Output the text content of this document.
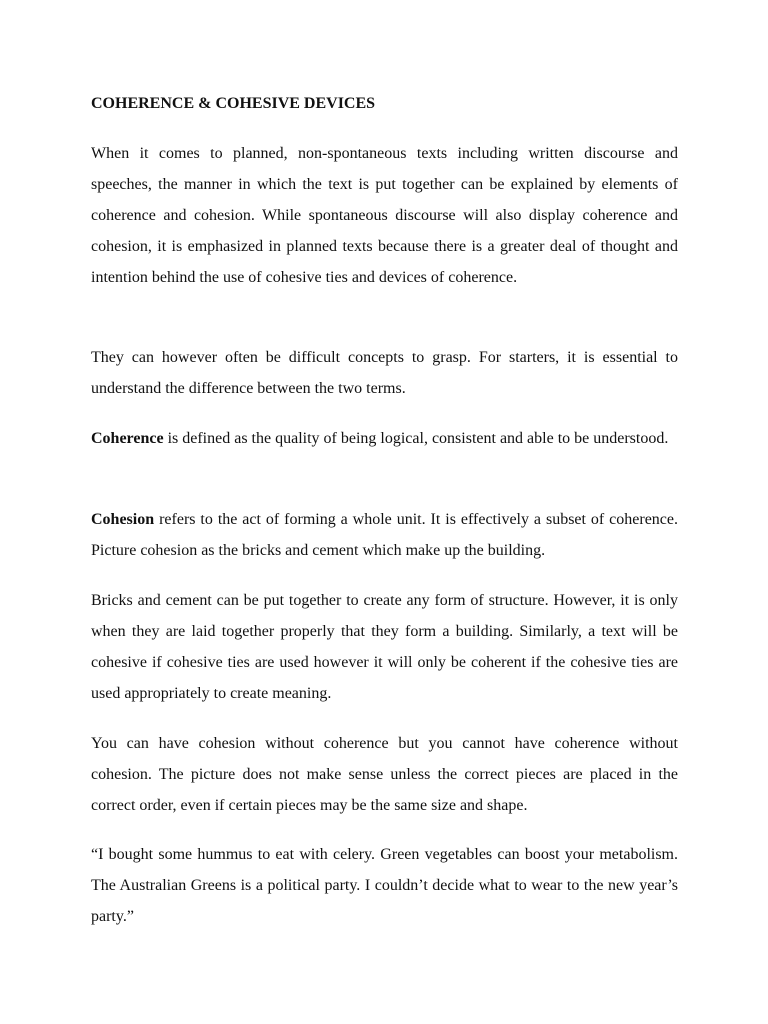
COHERENCE & COHESIVE DEVICES

When it comes to planned, non-spontaneous texts including written discourse and speeches, the manner in which the text is put together can be explained by elements of coherence and cohesion. While spontaneous discourse will also display coherence and cohesion, it is emphasized in planned texts because there is a greater deal of thought and intention behind the use of cohesive ties and devices of coherence.

They can however often be difficult concepts to grasp. For starters, it is essential to understand the difference between the two terms.

Coherence is defined as the quality of being logical, consistent and able to be understood.

Cohesion refers to the act of forming a whole unit. It is effectively a subset of coherence. Picture cohesion as the bricks and cement which make up the building.

Bricks and cement can be put together to create any form of structure. However, it is only when they are laid together properly that they form a building. Similarly, a text will be cohesive if cohesive ties are used however it will only be coherent if the cohesive ties are used appropriately to create meaning.

You can have cohesion without coherence but you cannot have coherence without cohesion. The picture does not make sense unless the correct pieces are placed in the correct order, even if certain pieces may be the same size and shape.

“I bought some hummus to eat with celery. Green vegetables can boost your metabolism. The Australian Greens is a political party. I couldn’t decide what to wear to the new year’s party.”
